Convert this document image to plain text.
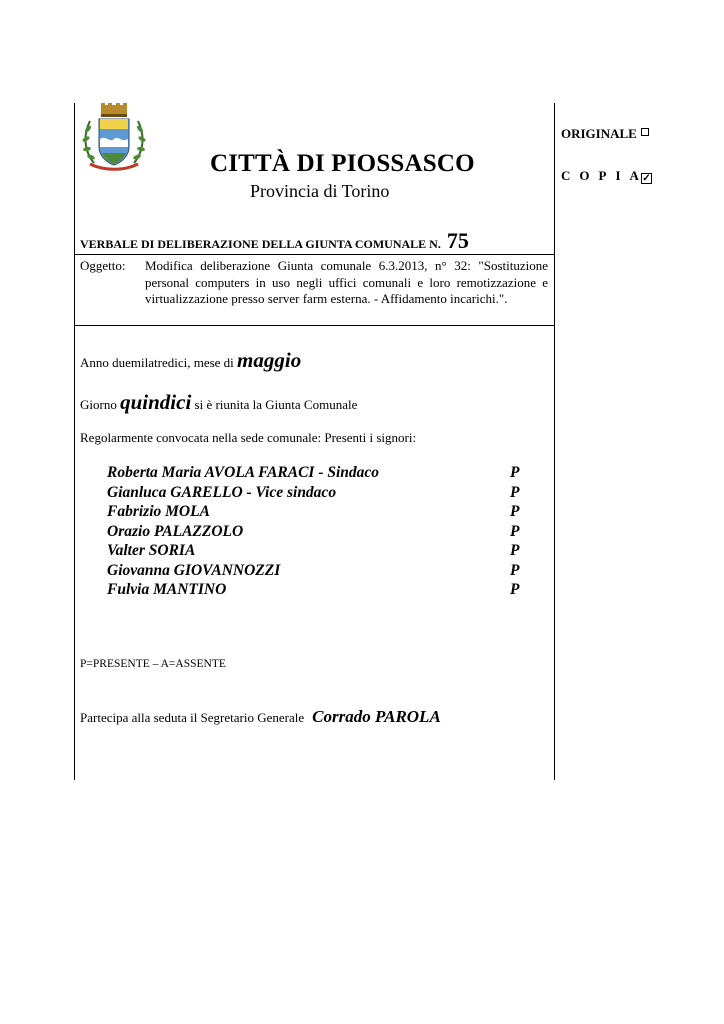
CITTÀ DI PIOSSASCO
Provincia di Torino
ORIGINALE
C O P I A ✓
VERBALE DI DELIBERAZIONE DELLA GIUNTA COMUNALE N. 75
Oggetto: Modifica deliberazione Giunta comunale 6.3.2013, n° 32: "Sostituzione personal computers in uso negli uffici comunali e loro remotizzazione e virtualizzazione presso server farm esterna. - Affidamento incarichi.".
Anno duemilatredici, mese di maggio
Giorno quindici si è riunita la Giunta Comunale
Regolarmente convocata nella sede comunale: Presenti i signori:
Roberta Maria AVOLA FARACI - Sindaco	P
Gianluca GARELLO - Vice sindaco	P
Fabrizio MOLA	P
Orazio PALAZZOLO	P
Valter SORIA	P
Giovanna GIOVANNOZZI	P
Fulvia MANTINO	P
P=PRESENTE – A=ASSENTE
Partecipa alla seduta il Segretario Generale Corrado PAROLA
